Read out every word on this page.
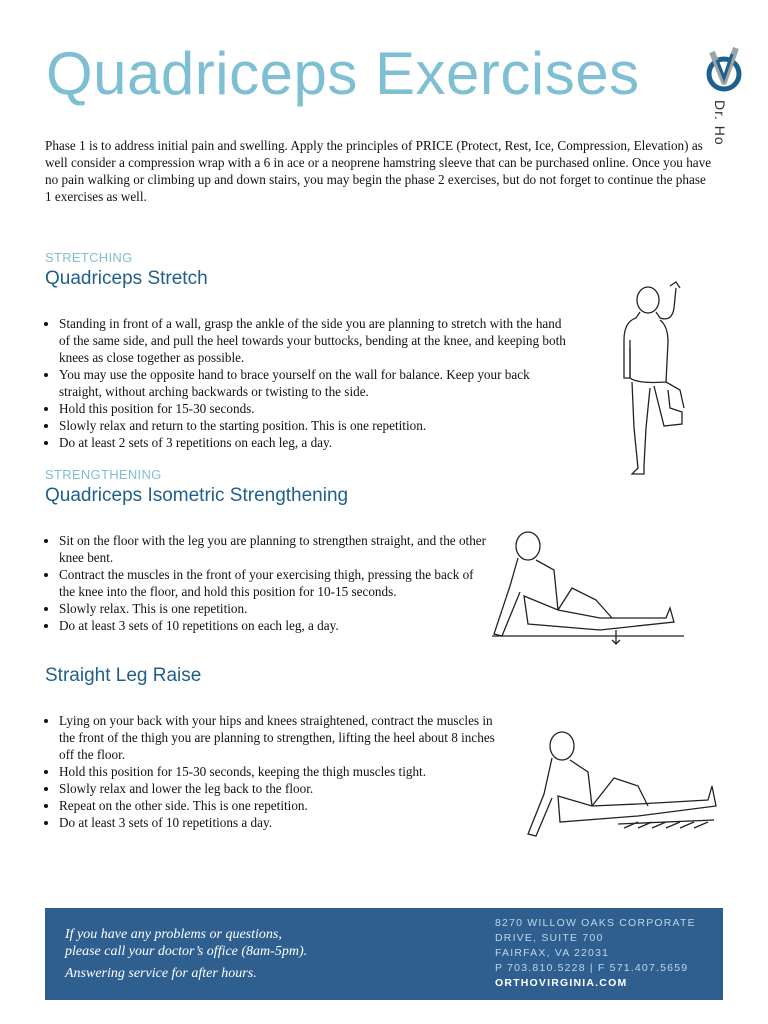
Quadriceps Exercises
Dr. Ho

Phase 1 is to address initial pain and swelling. Apply the principles of PRICE (Protect, Rest, Ice, Compression, Elevation) as well consider a compression wrap with a 6 in ace or a neoprene hamstring sleeve that can be purchased online. Once you have no pain walking or climbing up and down stairs, you may begin the phase 2 exercises, but do not forget to continue the phase 1 exercises as well.

STRETCHING

Quadriceps Stretch
• Standing in front of a wall, grasp the ankle of the side you are planning to stretch with the hand of the same side, and pull the heel towards your buttocks, bending at the knee, and keeping both knees as close together as possible.
• You may use the opposite hand to brace yourself on the wall for balance. Keep your back straight, without arching backwards or twisting to the side.
• Hold this position for 15-30 seconds.
• Slowly relax and return to the starting position. This is one repetition.
• Do at least 2 sets of 3 repetitions on each leg, a day.

STRENGTHENING

Quadriceps Isometric Strengthening
• Sit on the floor with the leg you are planning to strengthen straight, and the other knee bent.
• Contract the muscles in the front of your exercising thigh, pressing the back of the knee into the floor, and hold this position for 10-15 seconds.
• Slowly relax. This is one repetition.
• Do at least 3 sets of 10 repetitions on each leg, a day.
Straight Leg Raise
• Lying on your back with your hips and knees straightened, contract the muscles in the front of the thigh you are planning to strengthen, lifting the heel about 8 inches off the floor.
• Hold this position for 15-30 seconds, keeping the thigh muscles tight.
• Slowly relax and lower the leg back to the floor.
• Repeat on the other side. This is one repetition.
• Do at least 3 sets of 10 repetitions a day.

If you have any problems or questions,

please call your doctor’s office (8am-5pm).

Answering service for after hours.

8270 WILLOW OAKS CORPORATE
DRIVE, SUITE 700
FAIRFAX, VA 22031
P 703.810.5228 | F 571.407.5659
ORTHOVIRGINIA.COM
